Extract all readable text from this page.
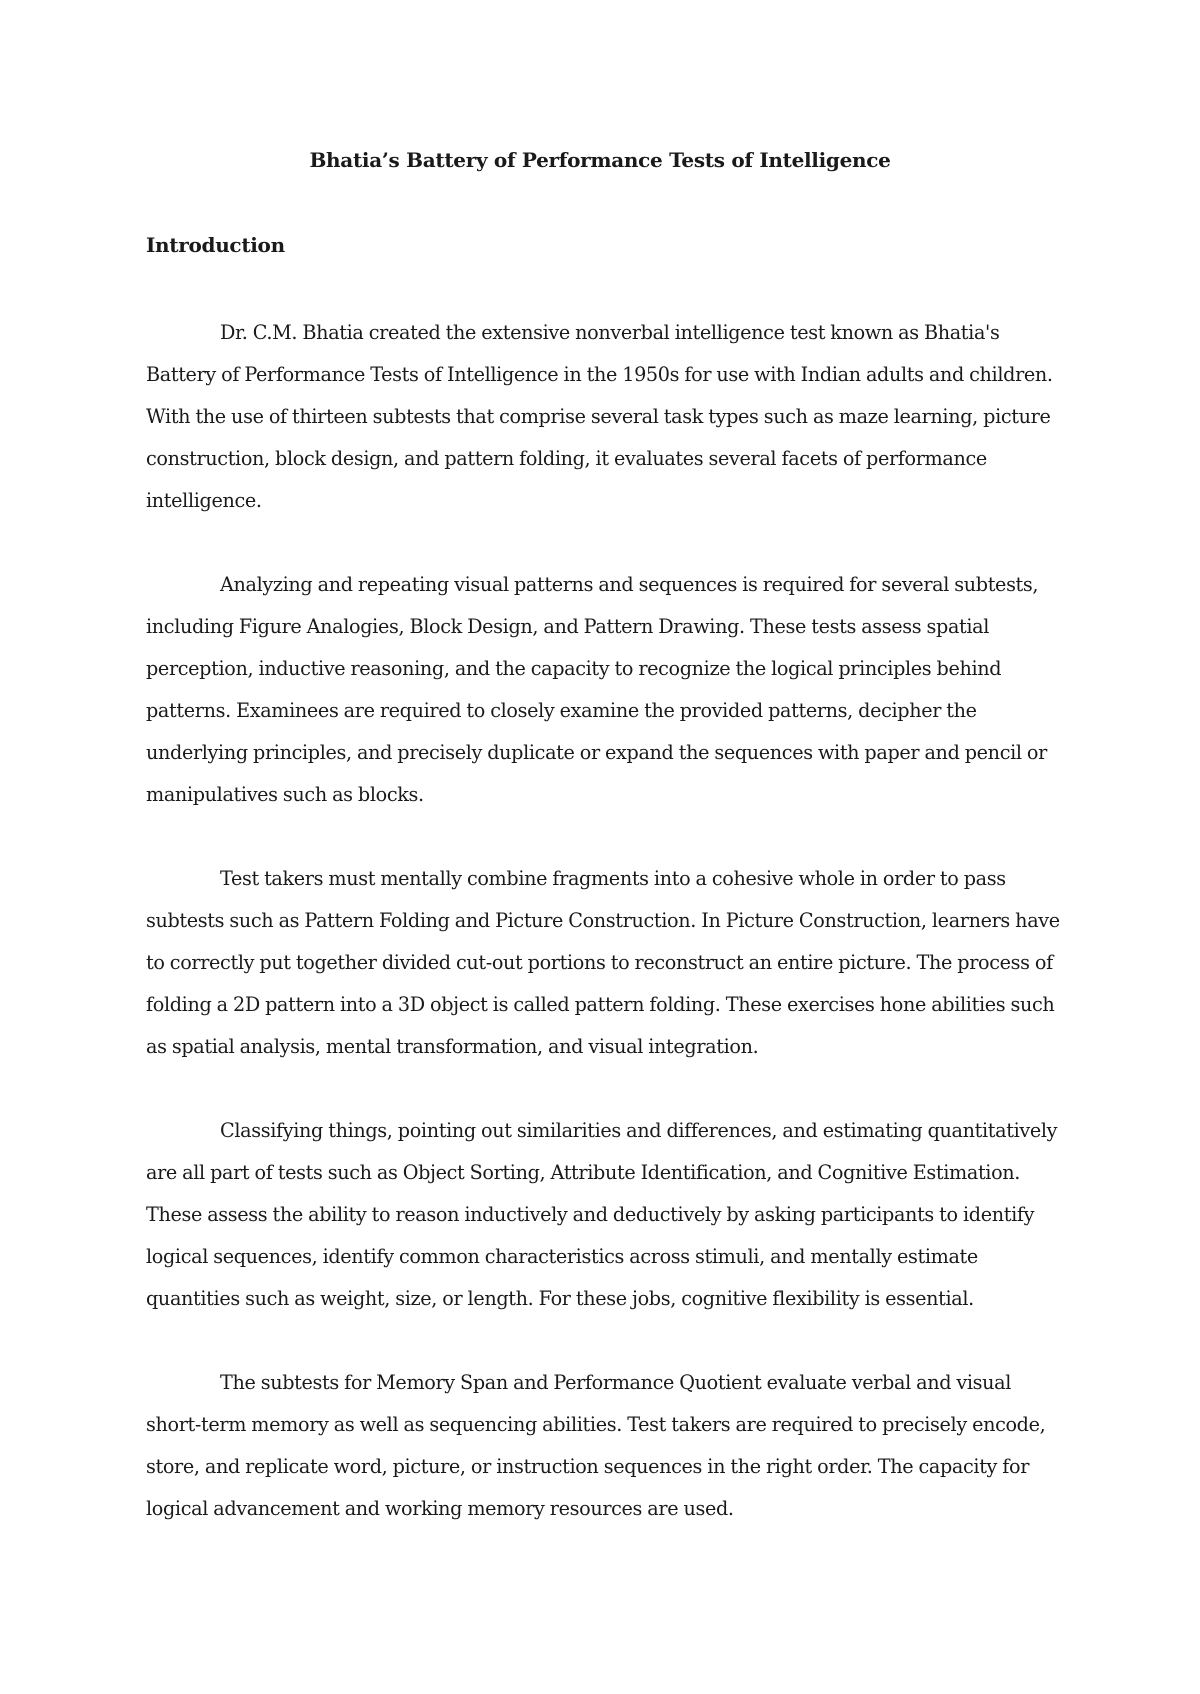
Bhatia’s Battery of Performance Tests of Intelligence
Introduction

Dr. C.M. Bhatia created the extensive nonverbal intelligence test known as Bhatia's Battery of Performance Tests of Intelligence in the 1950s for use with Indian adults and children. With the use of thirteen subtests that comprise several task types such as maze learning, picture construction, block design, and pattern folding, it evaluates several facets of performance intelligence.

Analyzing and repeating visual patterns and sequences is required for several subtests, including Figure Analogies, Block Design, and Pattern Drawing. These tests assess spatial perception, inductive reasoning, and the capacity to recognize the logical principles behind patterns. Examinees are required to closely examine the provided patterns, decipher the underlying principles, and precisely duplicate or expand the sequences with paper and pencil or manipulatives such as blocks.

Test takers must mentally combine fragments into a cohesive whole in order to pass subtests such as Pattern Folding and Picture Construction. In Picture Construction, learners have to correctly put together divided cut-out portions to reconstruct an entire picture. The process of folding a 2D pattern into a 3D object is called pattern folding. These exercises hone abilities such as spatial analysis, mental transformation, and visual integration.

Classifying things, pointing out similarities and differences, and estimating quantitatively are all part of tests such as Object Sorting, Attribute Identification, and Cognitive Estimation. These assess the ability to reason inductively and deductively by asking participants to identify logical sequences, identify common characteristics across stimuli, and mentally estimate quantities such as weight, size, or length. For these jobs, cognitive flexibility is essential.

The subtests for Memory Span and Performance Quotient evaluate verbal and visual short-term memory as well as sequencing abilities. Test takers are required to precisely encode, store, and replicate word, picture, or instruction sequences in the right order. The capacity for logical advancement and working memory resources are used.
